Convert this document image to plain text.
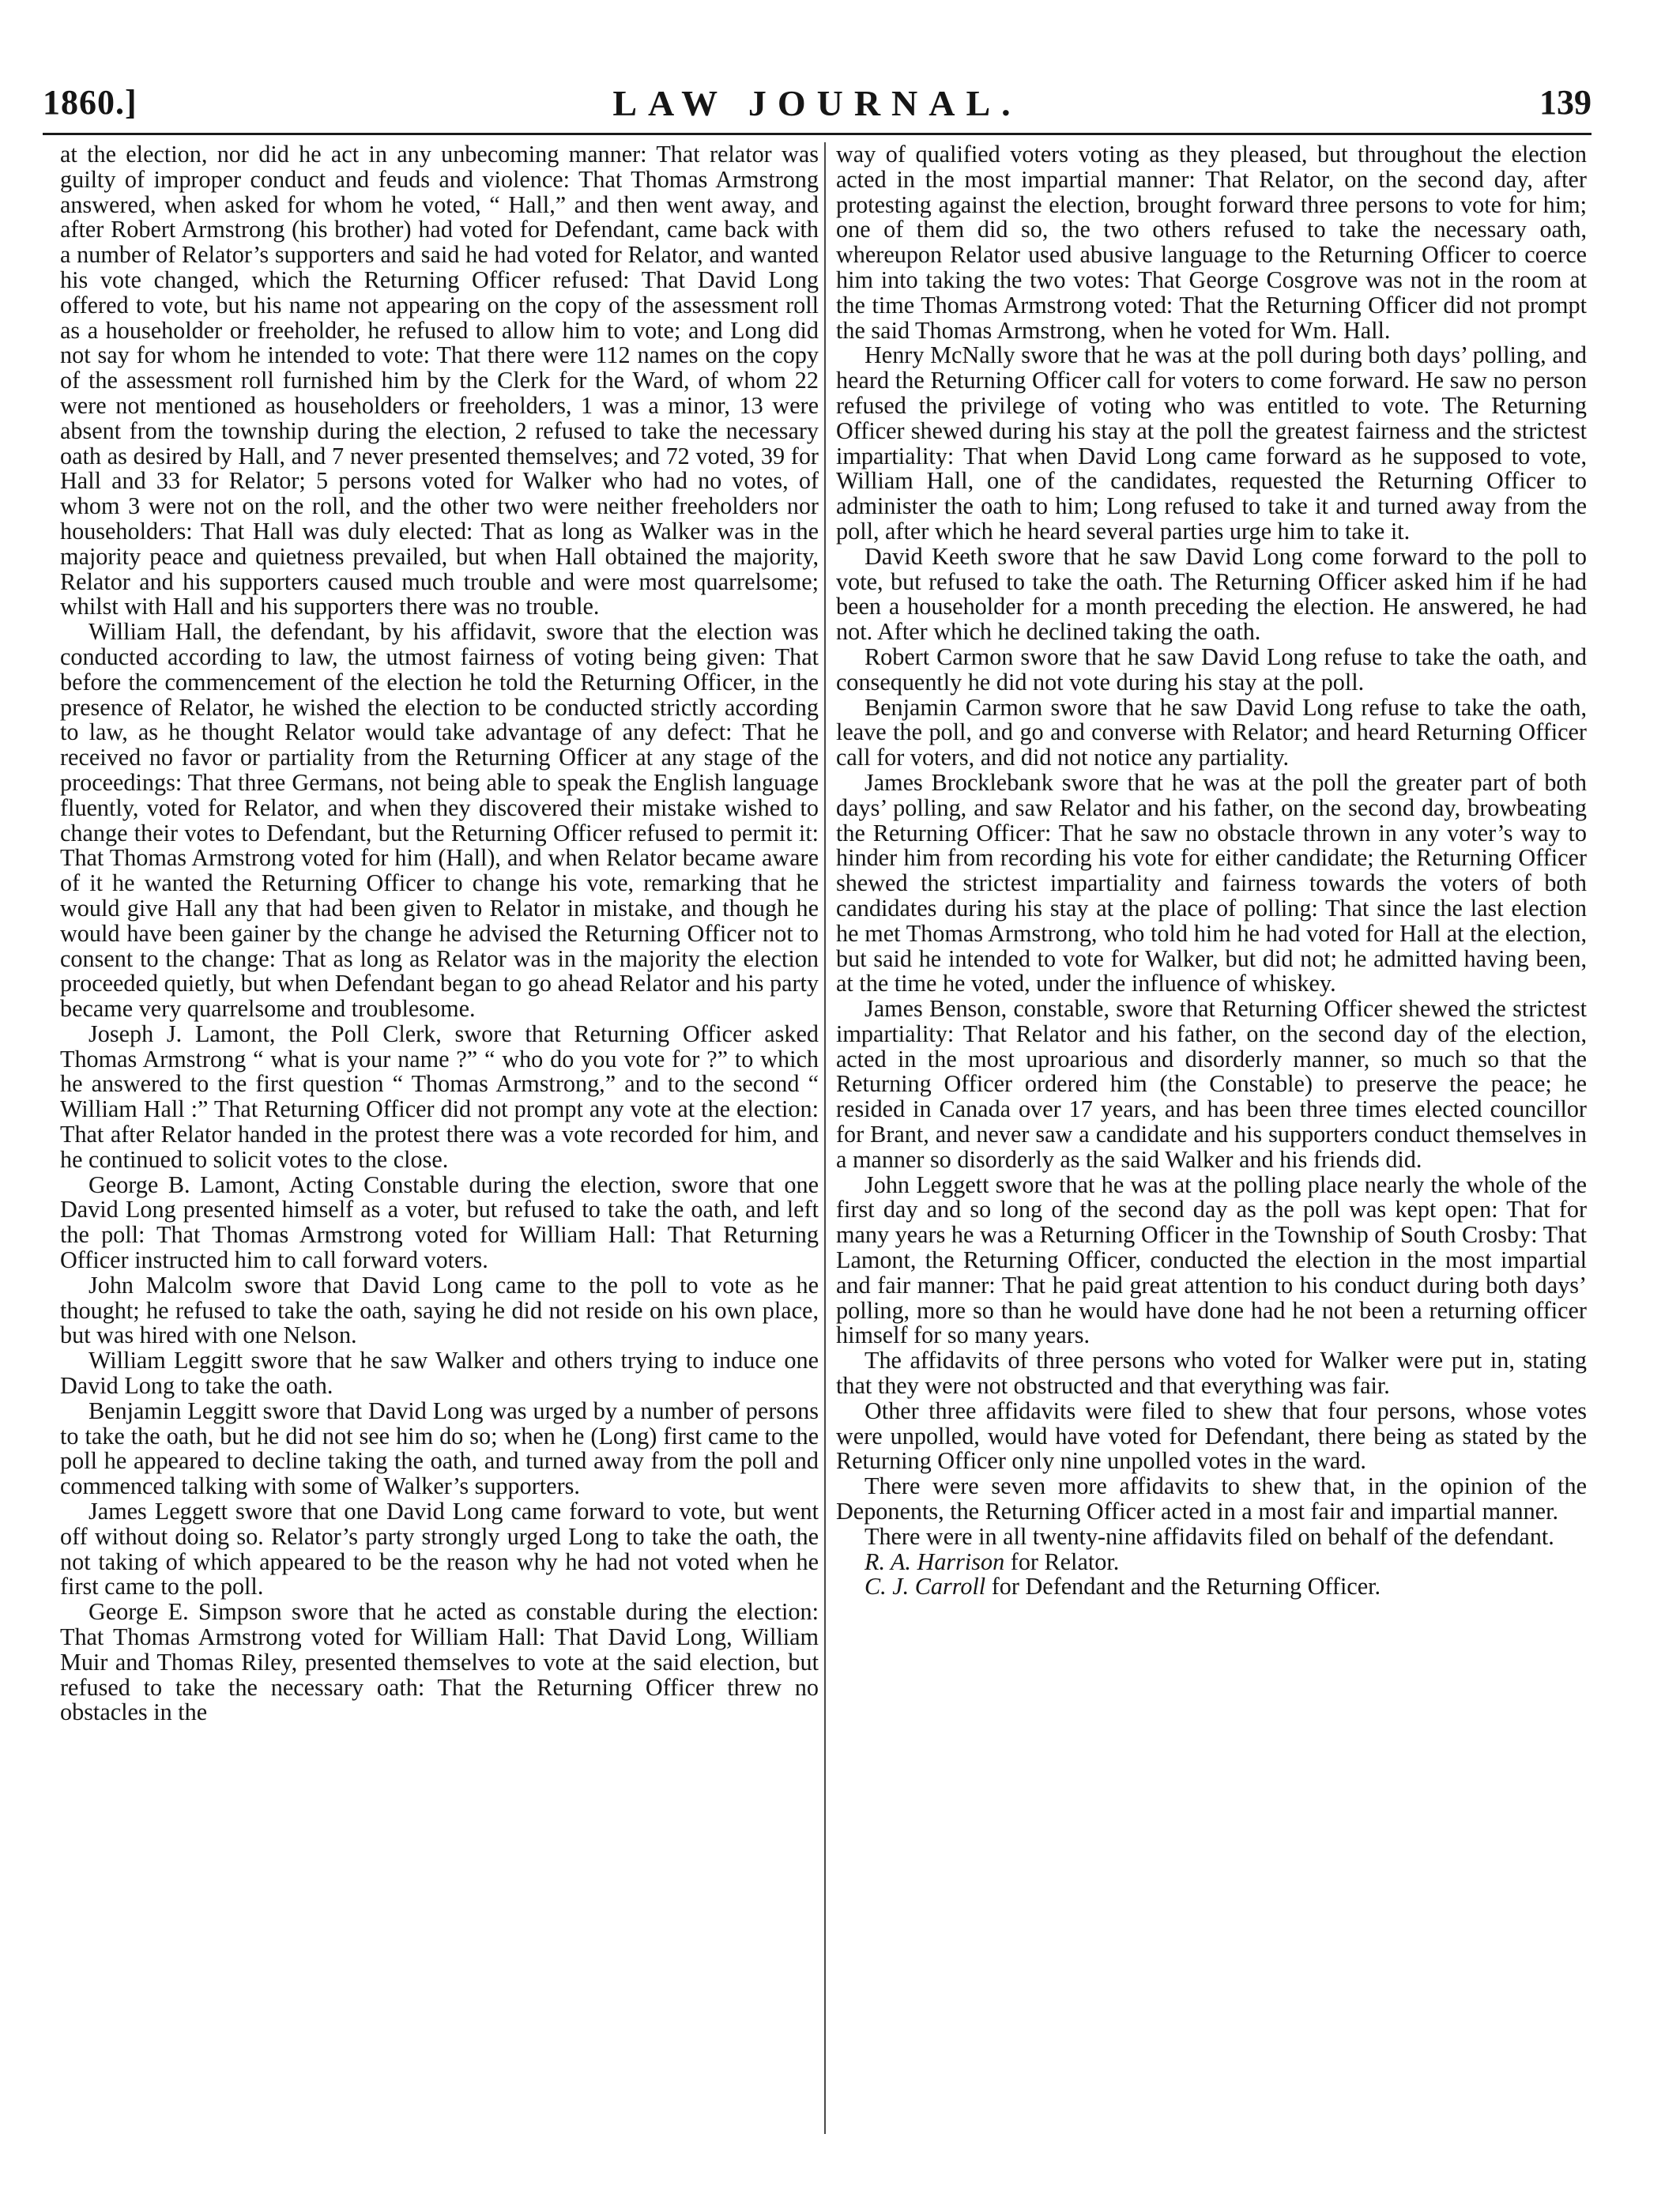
1860.]	LAW JOURNAL.	139

at the election, nor did he act in any unbecoming manner: That relator was guilty of improper conduct and feuds and violence: That Thomas Armstrong answered, when asked for whom he voted, “ Hall,” and then went away, and after Robert Armstrong (his brother) had voted for Defendant, came back with a number of Relator’s supporters and said he had voted for Relator, and wanted his vote changed, which the Returning Officer refused: That David Long offered to vote, but his name not appearing on the copy of the assessment roll as a householder or freeholder, he refused to allow him to vote; and Long did not say for whom he intended to vote: That there were 112 names on the copy of the assessment roll furnished him by the Clerk for the Ward, of whom 22 were not mentioned as householders or freeholders, 1 was a minor, 13 were absent from the township during the election, 2 refused to take the necessary oath as desired by Hall, and 7 never presented themselves; and 72 voted, 39 for Hall and 33 for Relator; 5 persons voted for Walker who had no votes, of whom 3 were not on the roll, and the other two were neither freeholders nor householders: That Hall was duly elected: That as long as Walker was in the majority peace and quietness prevailed, but when Hall obtained the majority, Relator and his supporters caused much trouble and were most quarrelsome; whilst with Hall and his supporters there was no trouble.

William Hall, the defendant, by his affidavit, swore that the election was conducted according to law, the utmost fairness of voting being given: That before the commencement of the election he told the Returning Officer, in the presence of Relator, he wished the election to be conducted strictly according to law, as he thought Relator would take advantage of any defect: That he received no favor or partiality from the Returning Officer at any stage of the proceedings: That three Germans, not being able to speak the English language fluently, voted for Relator, and when they discovered their mistake wished to change their votes to Defendant, but the Returning Officer refused to permit it: That Thomas Armstrong voted for him (Hall), and when Relator became aware of it he wanted the Returning Officer to change his vote, remarking that he would give Hall any that had been given to Relator in mistake, and though he would have been gainer by the change he advised the Returning Officer not to consent to the change: That as long as Relator was in the majority the election proceeded quietly, but when Defendant began to go ahead Relator and his party became very quarrelsome and troublesome.

Joseph J. Lamont, the Poll Clerk, swore that Returning Officer asked Thomas Armstrong “ what is your name ?” “ who do you vote for ?” to which he answered to the first question “ Thomas Armstrong,” and to the second “ William Hall :” That Returning Officer did not prompt any vote at the election: That after Relator handed in the protest there was a vote recorded for him, and he continued to solicit votes to the close.

George B. Lamont, Acting Constable during the election, swore that one David Long presented himself as a voter, but refused to take the oath, and left the poll: That Thomas Armstrong voted for William Hall: That Returning Officer instructed him to call forward voters.

John Malcolm swore that David Long came to the poll to vote as he thought; he refused to take the oath, saying he did not reside on his own place, but was hired with one Nelson.

William Leggitt swore that he saw Walker and others trying to induce one David Long to take the oath.

Benjamin Leggitt swore that David Long was urged by a number of persons to take the oath, but he did not see him do so; when he (Long) first came to the poll he appeared to decline taking the oath, and turned away from the poll and commenced talking with some of Walker’s supporters.

James Leggett swore that one David Long came forward to vote, but went off without doing so. Relator’s party strongly urged Long to take the oath, the not taking of which appeared to be the reason why he had not voted when he first came to the poll.

George E. Simpson swore that he acted as constable during the election: That Thomas Armstrong voted for William Hall: That David Long, William Muir and Thomas Riley, presented themselves to vote at the said election, but refused to take the necessary oath: That the Returning Officer threw no obstacles in the

way of qualified voters voting as they pleased, but throughout the election acted in the most impartial manner: That Relator, on the second day, after protesting against the election, brought forward three persons to vote for him; one of them did so, the two others refused to take the necessary oath, whereupon Relator used abusive language to the Returning Officer to coerce him into taking the two votes: That George Cosgrove was not in the room at the time Thomas Armstrong voted: That the Returning Officer did not prompt the said Thomas Armstrong, when he voted for Wm. Hall.

Henry McNally swore that he was at the poll during both days’ polling, and heard the Returning Officer call for voters to come forward. He saw no person refused the privilege of voting who was entitled to vote. The Returning Officer shewed during his stay at the poll the greatest fairness and the strictest impartiality: That when David Long came forward as he supposed to vote, William Hall, one of the candidates, requested the Returning Officer to administer the oath to him; Long refused to take it and turned away from the poll, after which he heard several parties urge him to take it.

David Keeth swore that he saw David Long come forward to the poll to vote, but refused to take the oath. The Returning Officer asked him if he had been a householder for a month preceding the election. He answered, he had not. After which he declined taking the oath.

Robert Carmon swore that he saw David Long refuse to take the oath, and consequently he did not vote during his stay at the poll.

Benjamin Carmon swore that he saw David Long refuse to take the oath, leave the poll, and go and converse with Relator; and heard Returning Officer call for voters, and did not notice any partiality.

James Brocklebank swore that he was at the poll the greater part of both days’ polling, and saw Relator and his father, on the second day, browbeating the Returning Officer: That he saw no obstacle thrown in any voter’s way to hinder him from recording his vote for either candidate; the Returning Officer shewed the strictest impartiality and fairness towards the voters of both candidates during his stay at the place of polling: That since the last election he met Thomas Armstrong, who told him he had voted for Hall at the election, but said he intended to vote for Walker, but did not; he admitted having been, at the time he voted, under the influence of whiskey.

James Benson, constable, swore that Returning Officer shewed the strictest impartiality: That Relator and his father, on the second day of the election, acted in the most uproarious and disorderly manner, so much so that the Returning Officer ordered him (the Constable) to preserve the peace; he resided in Canada over 17 years, and has been three times elected councillor for Brant, and never saw a candidate and his supporters conduct themselves in a manner so disorderly as the said Walker and his friends did.

John Leggett swore that he was at the polling place nearly the whole of the first day and so long of the second day as the poll was kept open: That for many years he was a Returning Officer in the Township of South Crosby: That Lamont, the Returning Officer, conducted the election in the most impartial and fair manner: That he paid great attention to his conduct during both days’ polling, more so than he would have done had he not been a returning officer himself for so many years.

The affidavits of three persons who voted for Walker were put in, stating that they were not obstructed and that everything was fair.

Other three affidavits were filed to shew that four persons, whose votes were unpolled, would have voted for Defendant, there being as stated by the Returning Officer only nine unpolled votes in the ward.

There were seven more affidavits to shew that, in the opinion of the Deponents, the Returning Officer acted in a most fair and impartial manner.

There were in all twenty-nine affidavits filed on behalf of the defendant.

R. A. Harrison for Relator.

C. J. Carroll for Defendant and the Returning Officer.
